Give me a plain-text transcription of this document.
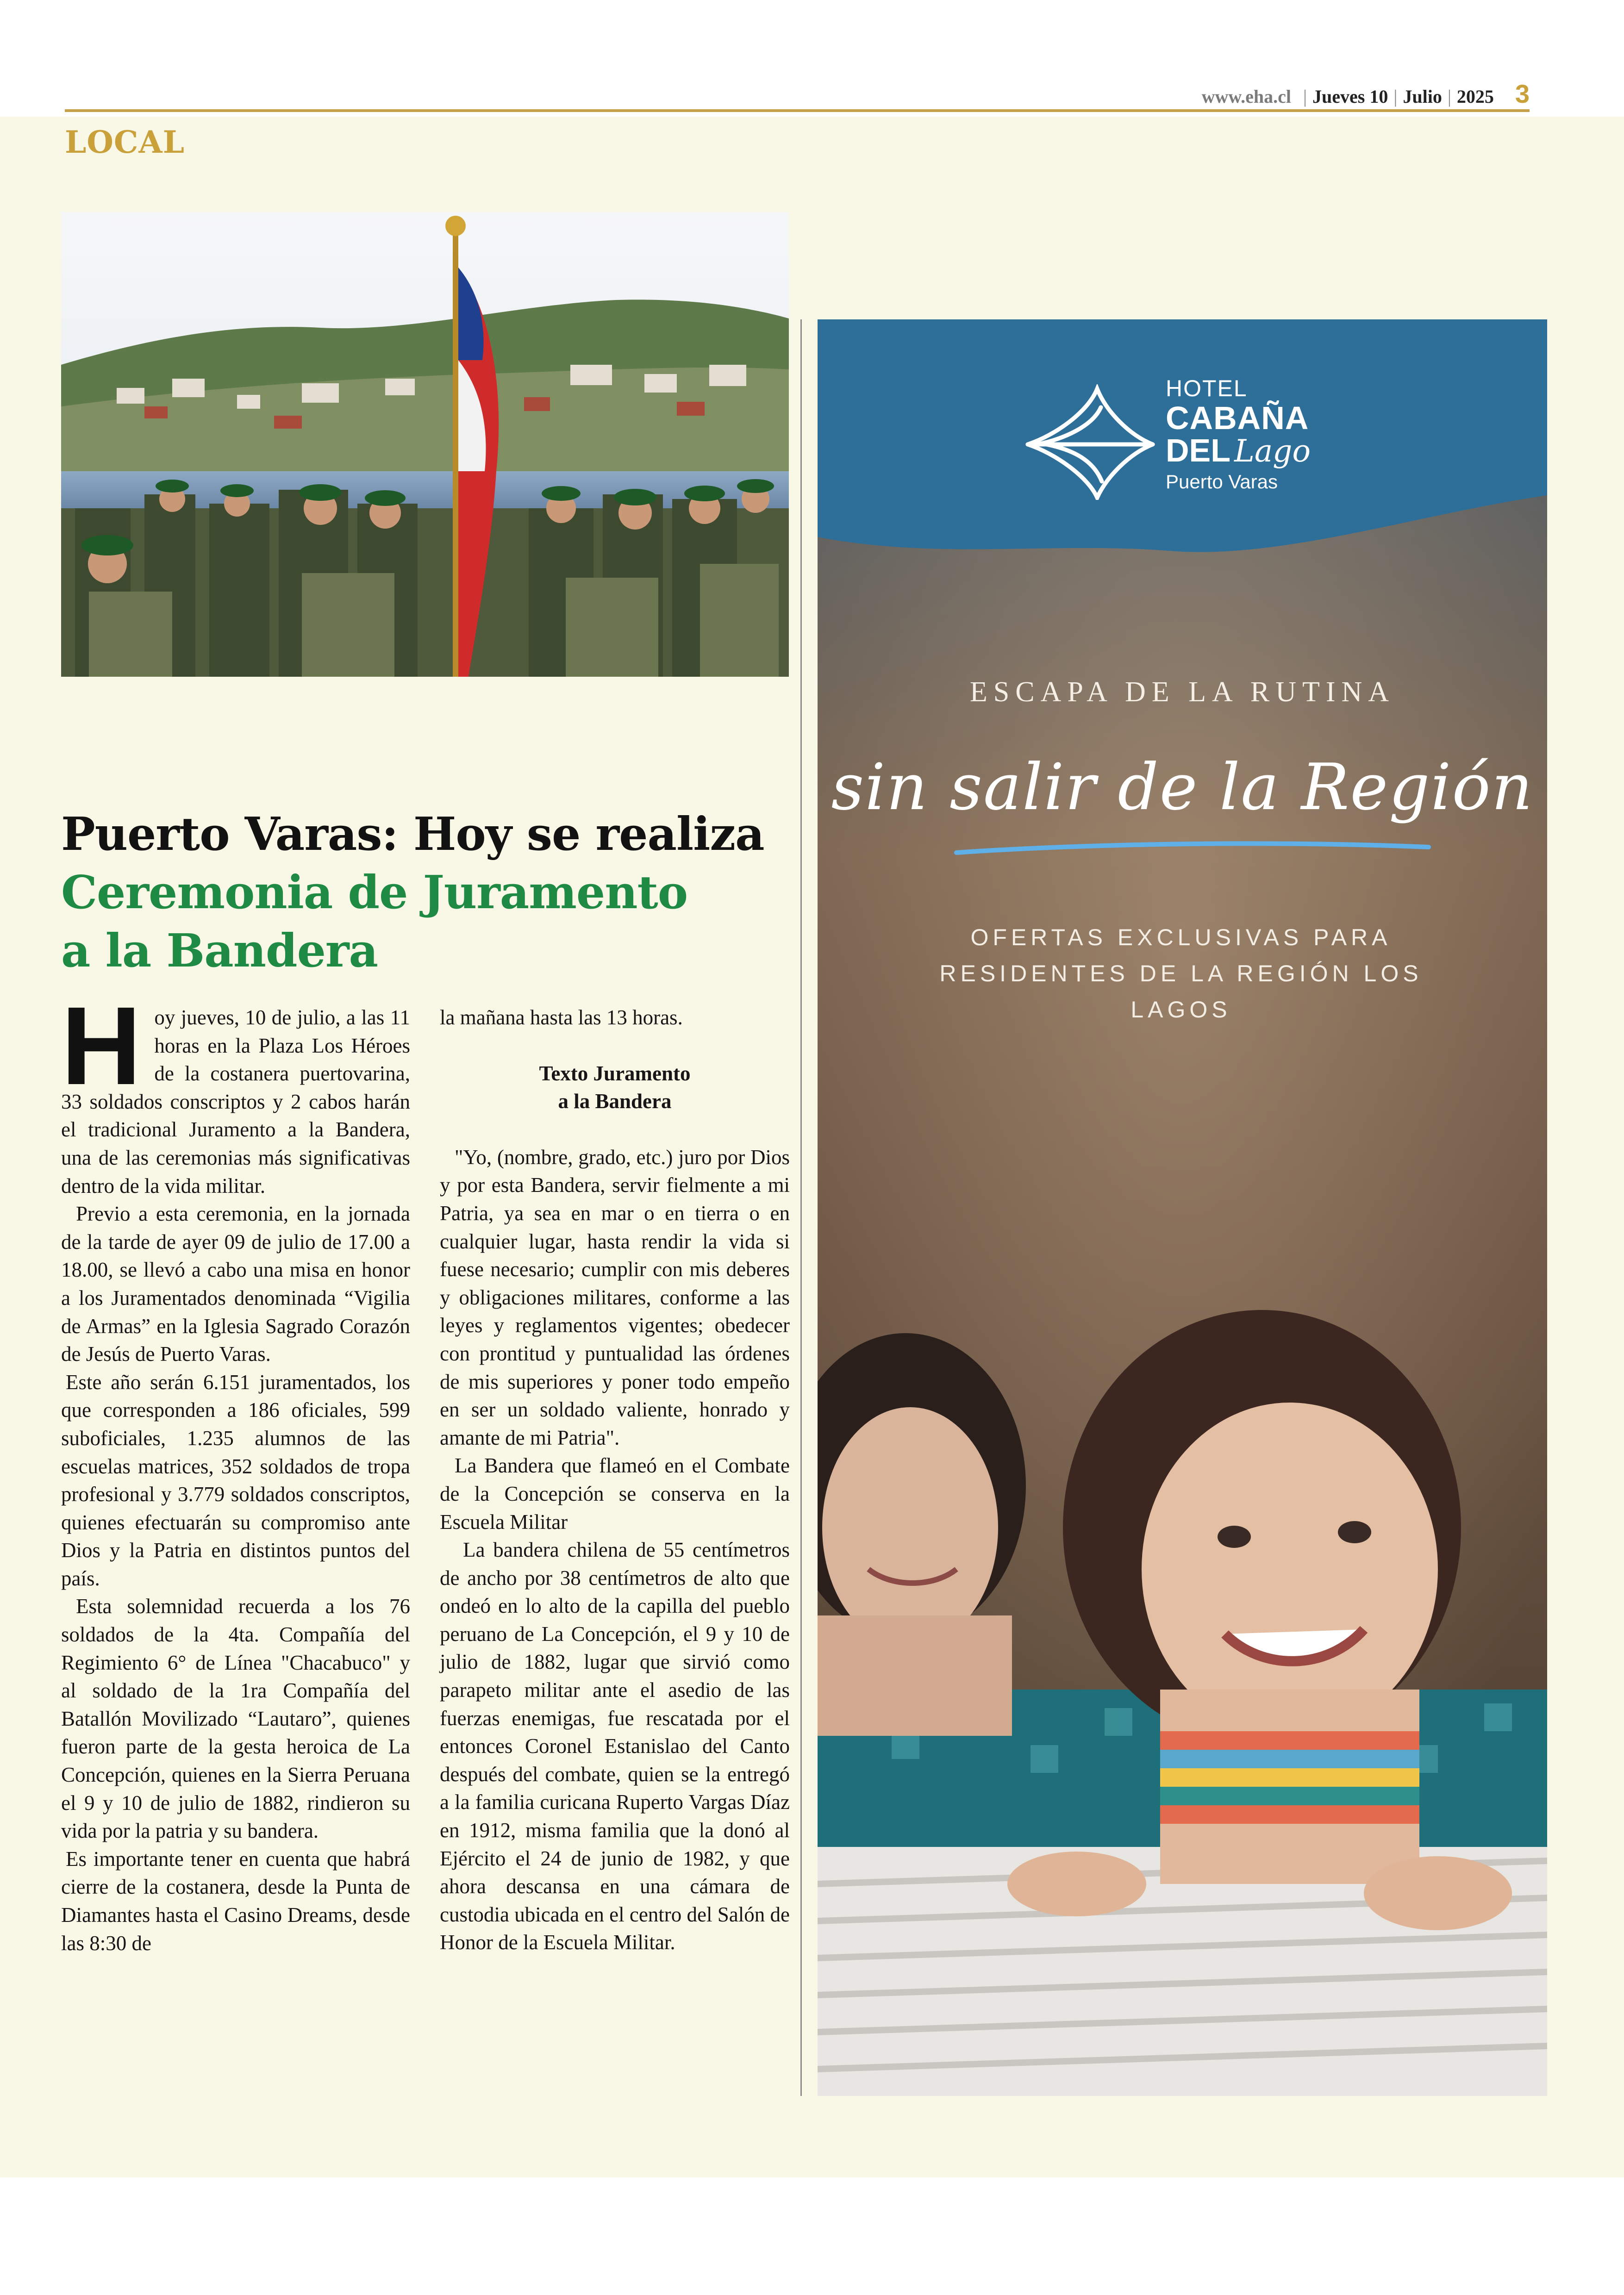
www.eha.cl | Jueves 10 | Julio | 2025 3
LOCAL
Puerto Varas: Hoy se realiza
Ceremonia de Juramento
a la Bandera

Hoy jueves, 10 de julio, a las 11 horas en la Plaza Los Héroes de la costanera puertovarina, 33 soldados conscriptos y 2 cabos harán el tradicional Juramento a la Bandera, una de las ceremonias más significativas dentro de la vida militar.

Previo a esta ceremonia, en la jornada de la tarde de ayer 09 de julio de 17.00 a 18.00, se llevó a cabo una misa en honor a los Juramentados denominada “Vigilia de Armas” en la Iglesia Sagrado Corazón de Jesús de Puerto Varas.

Este año serán 6.151 juramentados, los que corresponden a 186 oficiales, 599 suboficiales, 1.235 alumnos de las escuelas matrices, 352 soldados de tropa profesional y 3.779 soldados conscriptos, quienes efectuarán su compromiso ante Dios y la Patria en distintos puntos del país.

Esta solemnidad recuerda a los 76 soldados de la 4ta. Compañía del Regimiento 6° de Línea "Chacabuco" y al soldado de la 1ra Compañía del Batallón Movilizado “Lautaro”, quienes fueron parte de la gesta heroica de La Concepción, quienes en la Sierra Peruana el 9 y 10 de julio de 1882, rindieron su vida por la patria y su bandera.

Es importante tener en cuenta que habrá cierre de la costanera, desde la Punta de Diamantes hasta el Casino Dreams, desde las 8:30 de

la mañana hasta las 13 horas.

Texto Juramento
a la Bandera

"Yo, (nombre, grado, etc.) juro por Dios y por esta Bandera, servir fielmente a mi Patria, ya sea en mar o en tierra o en cualquier lugar, hasta rendir la vida si fuese necesario; cumplir con mis deberes y obligaciones militares, conforme a las leyes y reglamentos vigentes; obedecer con prontitud y puntualidad las órdenes de mis superiores y poner todo empeño en ser un soldado valiente, honrado y amante de mi Patria".

La Bandera que flameó en el Combate de la Concepción se conserva en la Escuela Militar

La bandera chilena de 55 centímetros de ancho por 38 centímetros de alto que ondeó en lo alto de la capilla del pueblo peruano de La Concepción, el 9 y 10 de julio de 1882, lugar que sirvió como parapeto militar ante el asedio de las fuerzas enemigas, fue rescatada por el entonces Coronel Estanislao del Canto después del combate, quien se la entregó a la familia curicana Ruperto Vargas Díaz en 1912, misma familia que la donó al Ejército el 24 de junio de 1982, y que ahora descansa en una cámara de custodia ubicada en el centro del Salón de Honor de la Escuela Militar.

HOTEL
CABAÑA
DEL Lago
Puerto Varas
ESCAPA DE LA RUTINA
sin salir de la Región
OFERTAS EXCLUSIVAS PARA RESIDENTES DE LA REGIÓN LOS LAGOS
